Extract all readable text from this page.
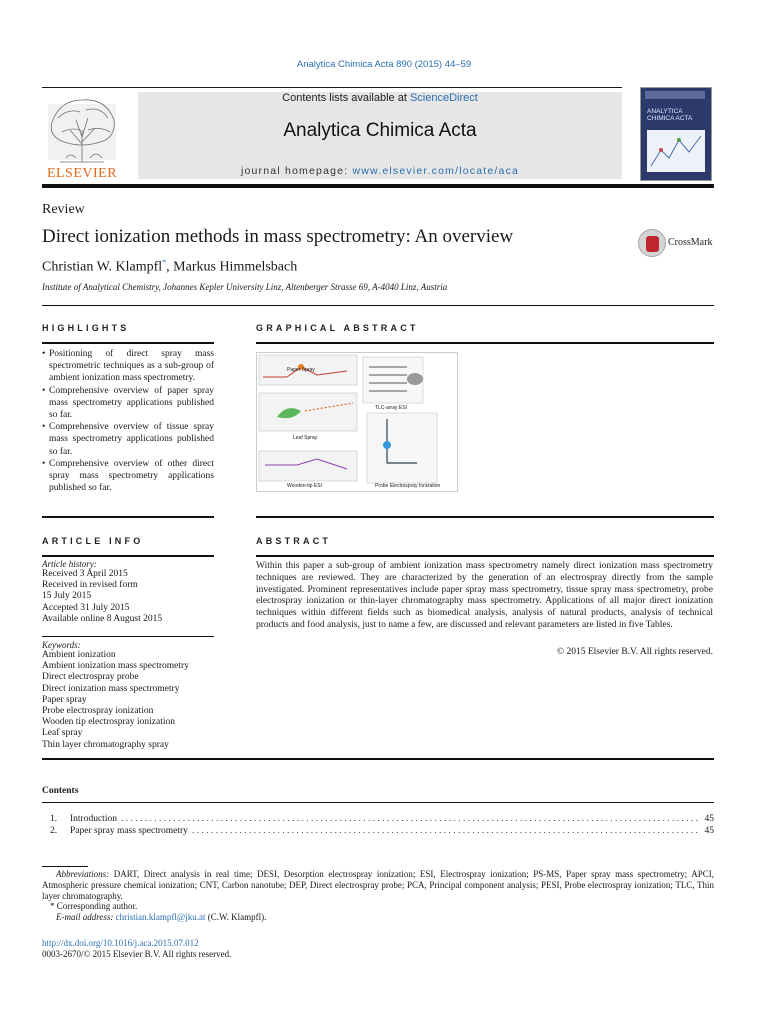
Analytica Chimica Acta 890 (2015) 44–59
ELSEVIER
Contents lists available at ScienceDirect
Analytica Chimica Acta
journal homepage: www.elsevier.com/locate/aca
ANALYTICA CHIMICA ACTA
Review
Direct ionization methods in mass spectrometry: An overview
Christian W. Klampfl*, Markus Himmelsbach
Institute of Analytical Chemistry, Johannes Kepler University Linz, Altenberger Strasse 69, A-4040 Linz, Austria
CrossMark
HIGHLIGHTS
• Positioning of direct spray mass spectrometric techniques as a sub-group of ambient ionization mass spectrometry.
• Comprehensive overview of paper spray mass spectrometry applications published so far.
• Comprehensive overview of tissue spray mass spectrometry applications published so far.
• Comprehensive overview of other direct spray mass spectrometry applications published so far.
GRAPHICAL ABSTRACT
Paper Spray
TLC-array ESI
Leaf Spray
Wooden-tip ESI	Probe Electrospray Ionization
ARTICLE INFO
Article history:
Received 3 April 2015
Received in revised form
15 July 2015
Accepted 31 July 2015
Available online 8 August 2015
Keywords:
Ambient ionization
Ambient ionization mass spectrometry
Direct electrospray probe
Direct ionization mass spectrometry
Paper spray
Probe electrospray ionization
Wooden tip electrospray ionization
Leaf spray
Thin layer chromatography spray
ABSTRACT
Within this paper a sub-group of ambient ionization mass spectrometry namely direct ionization mass spectrometry techniques are reviewed. They are characterized by the generation of an electrospray directly from the sample investigated. Prominent representatives include paper spray mass spectrometry, tissue spray mass spectrometry, probe electrospray ionization or thin-layer chromatography mass spectrometry. Applications of all major direct ionization techniques within different fields such as biomedical analysis, analysis of natural products, analysis of technical products and food analysis, just to name a few, are discussed and relevant parameters are listed in five Tables.
© 2015 Elsevier B.V. All rights reserved.
Contents
1.	Introduction . . .	45
2.	Paper spray mass spectrometry . . .	45
Abbreviations: DART, Direct analysis in real time; DESI, Desorption electrospray ionization; ESI, Electrospray ionization; PS-MS, Paper spray mass spectrometry; APCI, Atmospheric pressure chemical ionization; CNT, Carbon nanotube; DEP, Direct electrospray probe; PCA, Principal component analysis; PESI, Probe electrospray ionization; TLC, Thin layer chromatography.
* Corresponding author.
E-mail address: christian.klampfl@jku.at (C.W. Klampfl).
http://dx.doi.org/10.1016/j.aca.2015.07.012
0003-2670/© 2015 Elsevier B.V. All rights reserved.
